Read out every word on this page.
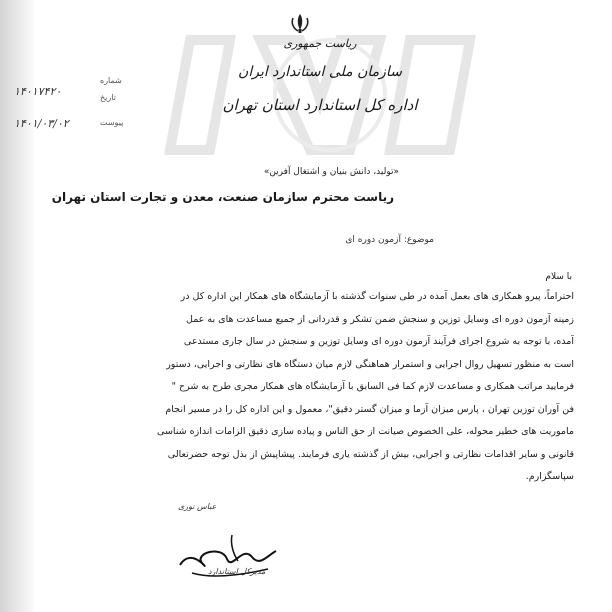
ریاست جمهوری
سازمان ملی استاندارد ایران
اداره کل استاندارد استان تهران
شماره
تاریخ
پیوست
۱۴۰۱۷۴۲۰
۱۴۰۱/۰۳/۰۲
«تولید، دانش بنیان و اشتغال آفرین»
ریاست محترم سازمان صنعت، معدن و تجارت استان تهران
موضوع: آزمون دوره ای
با سلام
احتراماً، پیرو همکاری های بعمل آمده در طی سنوات گذشته با آزمایشگاه های همکار این اداره کل در
زمینه آزمون دوره ای وسایل توزین و سنجش ضمن تشکر و قدردانی از جمیع مساعدت های به عمل
آمده، با توجه به شروع اجرای فرآیند آزمون دوره ای وسایل توزین و سنجش در سال جاری مستدعی
است به منظور تسهیل روال اجرایی و استمرار هماهنگی لازم میان دستگاه های نظارتی و اجرایی، دستور
فرمایید مراتب همکاری و مساعدت لازم کما فی السابق با آزمایشگاه های همکار مجری طرح به شرح "
فن آوران توزین تهران ، پارس میزان آزما و میزان گستر دقیق"، معمول و این اداره کل را در مسیر انجام
ماموریت های خطیر محوله، علی الخصوص صیانت از حق الناس و پیاده سازی دقیق الزامات اندازه شناسی
قانونی و سایر اقدامات نظارتی و اجرایی، بیش از گذشته یاری فرمایند. پیشاپیش از بذل توجه حضرتعالی
سپاسگزارم.
عباس نوری
مدیرکل استاندارد
